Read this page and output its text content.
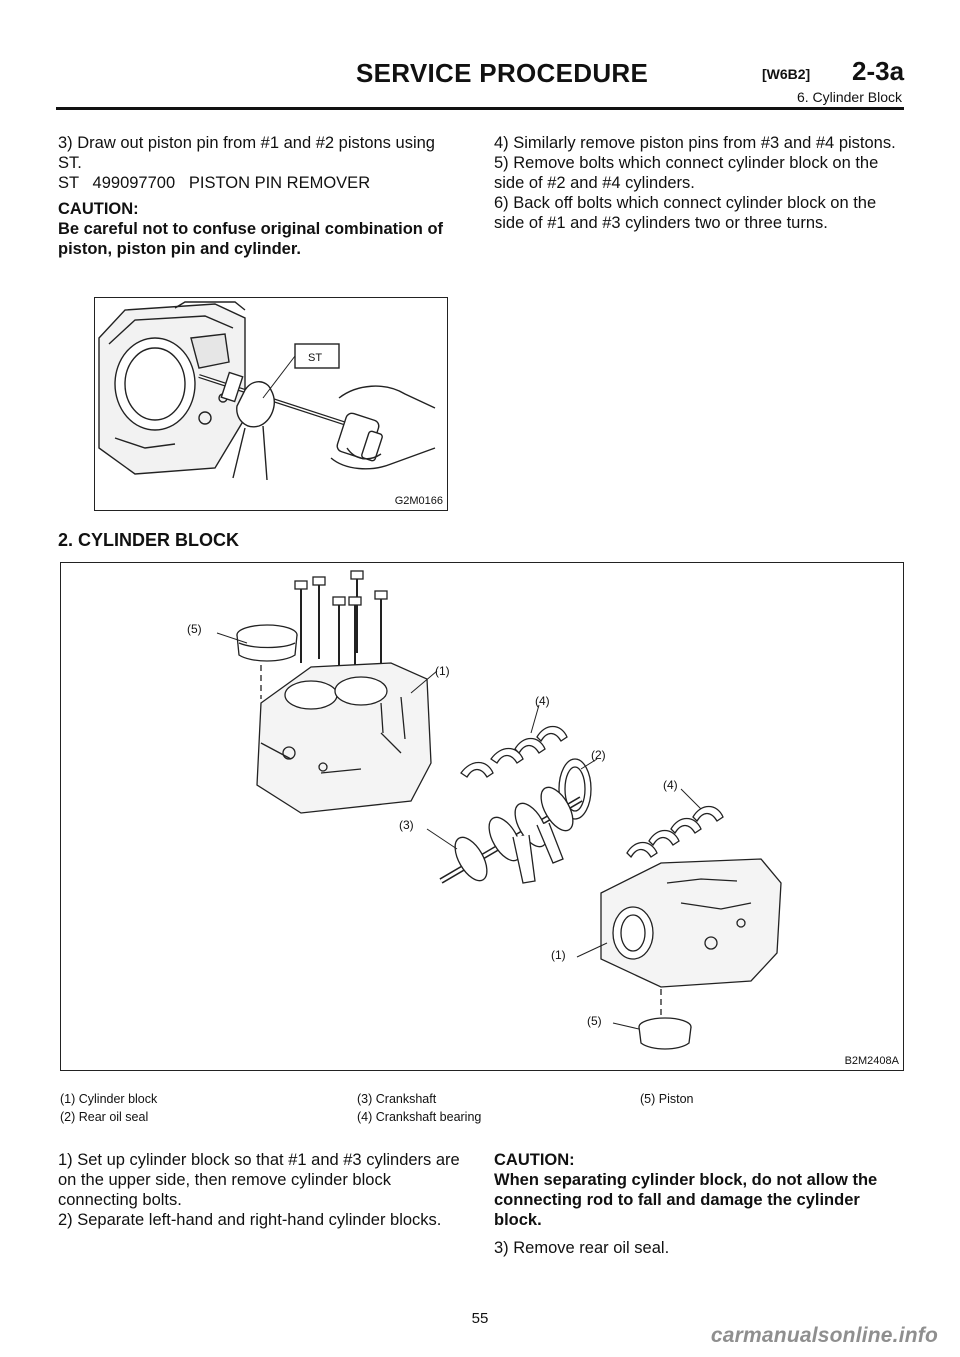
SERVICE PROCEDURE	[W6B2] 2-3a
6. Cylinder Block

3) Draw out piston pin from #1 and #2 pistons using ST.

ST   499097700   PISTON PIN REMOVER

CAUTION:

Be careful not to confuse original combination of piston, piston pin and cylinder.

4) Similarly remove piston pins from #3 and #4 pistons.

5) Remove bolts which connect cylinder block on the side of #2 and #4 cylinders.

6) Back off bolts which connect cylinder block on the side of #1 and #3 cylinders two or three turns.

ST
G2M0166
2. CYLINDER BLOCK
(5)
(1)
(4)
(2)
(4)
(3)
(1)
(5)
B2M2408A
(1) Cylinder block
(2) Rear oil seal
(3) Crankshaft
(4) Crankshaft bearing
(5) Piston

1) Set up cylinder block so that #1 and #3 cylinders are on the upper side, then remove cylinder block connecting bolts.

2) Separate left-hand and right-hand cylinder blocks.

CAUTION:

When separating cylinder block, do not allow the connecting rod to fall and damage the cylinder block.

3) Remove rear oil seal.

55
carmanualsonline.info
